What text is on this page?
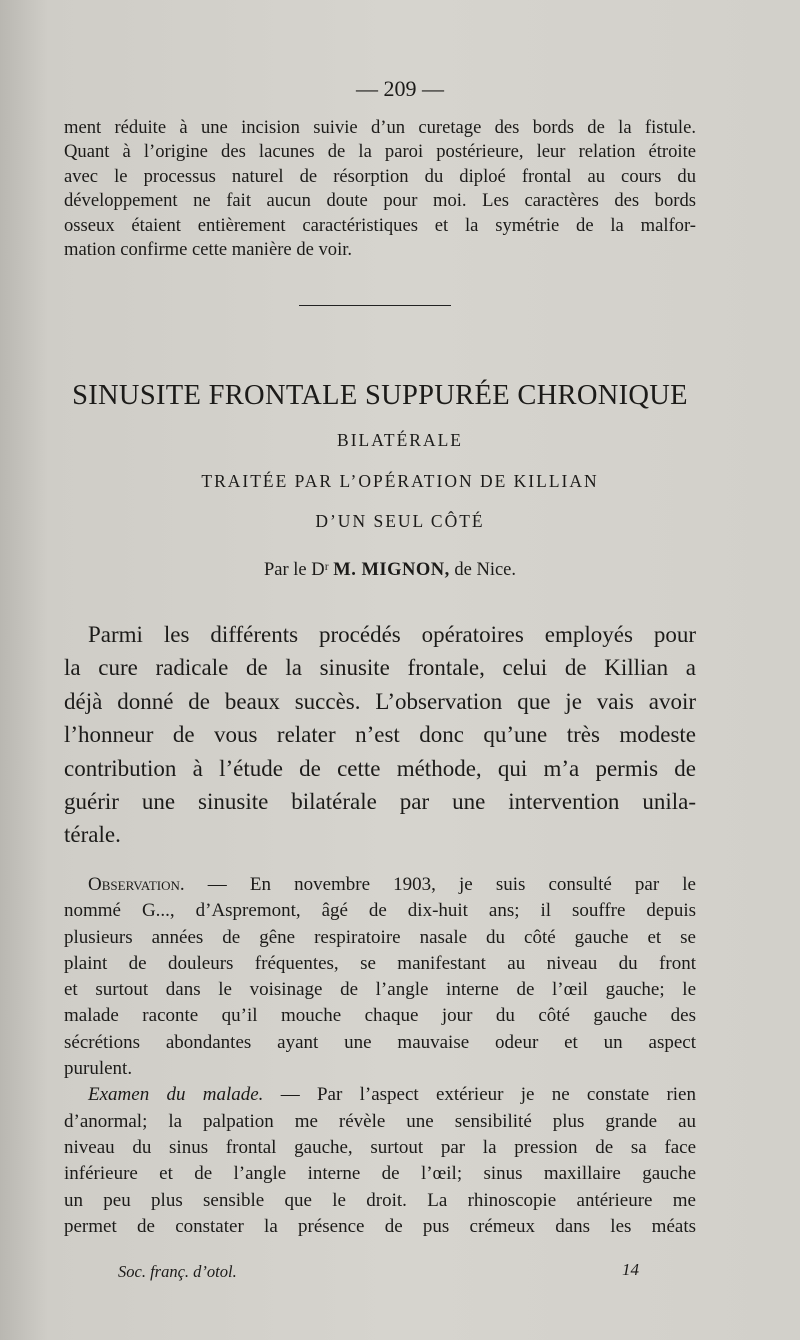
— 209 —
ment réduite à une incision suivie d’un curetage des bords de la fistule.
Quant à l’origine des lacunes de la paroi postérieure, leur relation étroite
avec le processus naturel de résorption du diploé frontal au cours du
développement ne fait aucun doute pour moi. Les caractères des bords
osseux étaient entièrement caractéristiques et la symétrie de la malfor-
mation confirme cette manière de voir.
SINUSITE FRONTALE SUPPURÉE CHRONIQUE
BILATÉRALE
TRAITÉE PAR L’OPÉRATION DE KILLIAN
D’UN SEUL CÔTÉ
Par le Dʳ M. MIGNON, de Nice.
Parmi les différents procédés opératoires employés pour
la cure radicale de la sinusite frontale, celui de Killian a
déjà donné de beaux succès. L’observation que je vais avoir
l’honneur de vous relater n’est donc qu’une très modeste
contribution à l’étude de cette méthode, qui m’a permis de
guérir une sinusite bilatérale par une intervention unila-
térale.
Observation. — En novembre 1903, je suis consulté par le
nommé G..., d’Aspremont, âgé de dix-huit ans; il souffre depuis
plusieurs années de gêne respiratoire nasale du côté gauche et se
plaint de douleurs fréquentes, se manifestant au niveau du front
et surtout dans le voisinage de l’angle interne de l’œil gauche; le
malade raconte qu’il mouche chaque jour du côté gauche des
sécrétions abondantes ayant une mauvaise odeur et un aspect
purulent.
Examen du malade. — Par l’aspect extérieur je ne constate rien
d’anormal; la palpation me révèle une sensibilité plus grande au
niveau du sinus frontal gauche, surtout par la pression de sa face
inférieure et de l’angle interne de l’œil; sinus maxillaire gauche
un peu plus sensible que le droit. La rhinoscopie antérieure me
permet de constater la présence de pus crémeux dans les méats
Soc. franç. d’otol.	14
